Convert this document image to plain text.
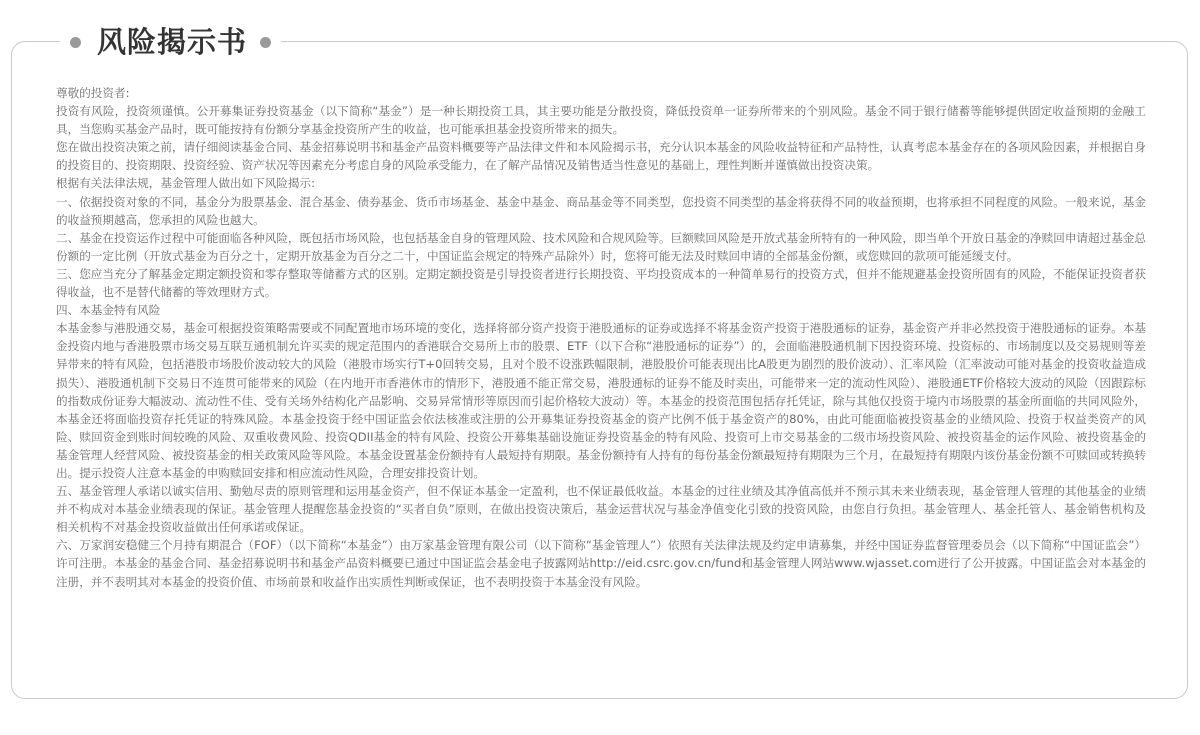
风险揭示书

尊敬的投资者:

投资有风险，投资须谨慎。公开募集证券投资基金（以下简称“基金”）是一种长期投资工具，其主要功能是分散投资，降低投资单一证券所带来的个别风险。基金不同于银行储蓄等能够提供固定收益预期的金融工具，当您购买基金产品时，既可能按持有份额分享基金投资所产生的收益，也可能承担基金投资所带来的损失。

您在做出投资决策之前，请仔细阅读基金合同、基金招募说明书和基金产品资料概要等产品法律文件和本风险揭示书，充分认识本基金的风险收益特征和产品特性，认真考虑本基金存在的各项风险因素，并根据自身的投资目的、投资期限、投资经验、资产状况等因素充分考虑自身的风险承受能力，在了解产品情况及销售适当性意见的基础上，理性判断并谨慎做出投资决策。

根据有关法律法规，基金管理人做出如下风险揭示:

一、依据投资对象的不同，基金分为股票基金、混合基金、债券基金、货币市场基金、基金中基金、商品基金等不同类型，您投资不同类型的基金将获得不同的收益预期，也将承担不同程度的风险。一般来说，基金的收益预期越高，您承担的风险也越大。

二、基金在投资运作过程中可能面临各种风险，既包括市场风险，也包括基金自身的管理风险、技术风险和合规风险等。巨额赎回风险是开放式基金所特有的一种风险，即当单个开放日基金的净赎回申请超过基金总份额的一定比例（开放式基金为百分之十，定期开放基金为百分之二十，中国证监会规定的特殊产品除外）时，您将可能无法及时赎回申请的全部基金份额，或您赎回的款项可能延缓支付。

三、您应当充分了解基金定期定额投资和零存整取等储蓄方式的区别。定期定额投资是引导投资者进行长期投资、平均投资成本的一种简单易行的投资方式，但并不能规避基金投资所固有的风险，不能保证投资者获得收益，也不是替代储蓄的等效理财方式。

四、本基金特有风险

本基金参与港股通交易，基金可根据投资策略需要或不同配置地市场环境的变化，选择将部分资产投资于港股通标的证券或选择不将基金资产投资于港股通标的证券，基金资产并非必然投资于港股通标的证券。本基金投资内地与香港股票市场交易互联互通机制允许买卖的规定范围内的香港联合交易所上市的股票、ETF（以下合称“港股通标的证券”）的，会面临港股通机制下因投资环境、投资标的、市场制度以及交易规则等差异带来的特有风险，包括港股市场股价波动较大的风险（港股市场实行T+0回转交易，且对个股不设涨跌幅限制，港股股价可能表现出比A股更为剧烈的股价波动）、汇率风险（汇率波动可能对基金的投资收益造成损失）、港股通机制下交易日不连贯可能带来的风险（在内地开市香港休市的情形下，港股通不能正常交易，港股通标的证券不能及时卖出，可能带来一定的流动性风险）、港股通ETF价格较大波动的风险（因跟踪标的指数成份证券大幅波动、流动性不佳、受有关场外结构化产品影响、交易异常情形等原因而引起价格较大波动）等。本基金的投资范围包括存托凭证，除与其他仅投资于境内市场股票的基金所面临的共同风险外，本基金还将面临投资存托凭证的特殊风险。本基金投资于经中国证监会依法核准或注册的公开募集证券投资基金的资产比例不低于基金资产的80%，由此可能面临被投资基金的业绩风险、投资于权益类资产的风险、赎回资金到账时间较晚的风险、双重收费风险、投资QDII基金的特有风险、投资公开募集基础设施证券投资基金的特有风险、投资可上市交易基金的二级市场投资风险、被投资基金的运作风险、被投资基金的基金管理人经营风险、被投资基金的相关政策风险等风险。本基金设置基金份额持有人最短持有期限。基金份额持有人持有的每份基金份额最短持有期限为三个月，在最短持有期限内该份基金份额不可赎回或转换转出。提示投资人注意本基金的申购赎回安排和相应流动性风险，合理安排投资计划。

五、基金管理人承诺以诚实信用、勤勉尽责的原则管理和运用基金资产，但不保证本基金一定盈利，也不保证最低收益。本基金的过往业绩及其净值高低并不预示其未来业绩表现，基金管理人管理的其他基金的业绩并不构成对本基金业绩表现的保证。基金管理人提醒您基金投资的“买者自负”原则，在做出投资决策后，基金运营状况与基金净值变化引致的投资风险，由您自行负担。基金管理人、基金托管人、基金销售机构及相关机构不对基金投资收益做出任何承诺或保证。

六、万家润安稳健三个月持有期混合（FOF）（以下简称“本基金”）由万家基金管理有限公司（以下简称“基金管理人”）依照有关法律法规及约定申请募集，并经中国证券监督管理委员会（以下简称“中国证监会”）许可注册。本基金的基金合同、基金招募说明书和基金产品资料概要已通过中国证监会基金电子披露网站http://eid.csrc.gov.cn/fund和基金管理人网站www.wjasset.com进行了公开披露。中国证监会对本基金的注册，并不表明其对本基金的投资价值、市场前景和收益作出实质性判断或保证，也不表明投资于本基金没有风险。
